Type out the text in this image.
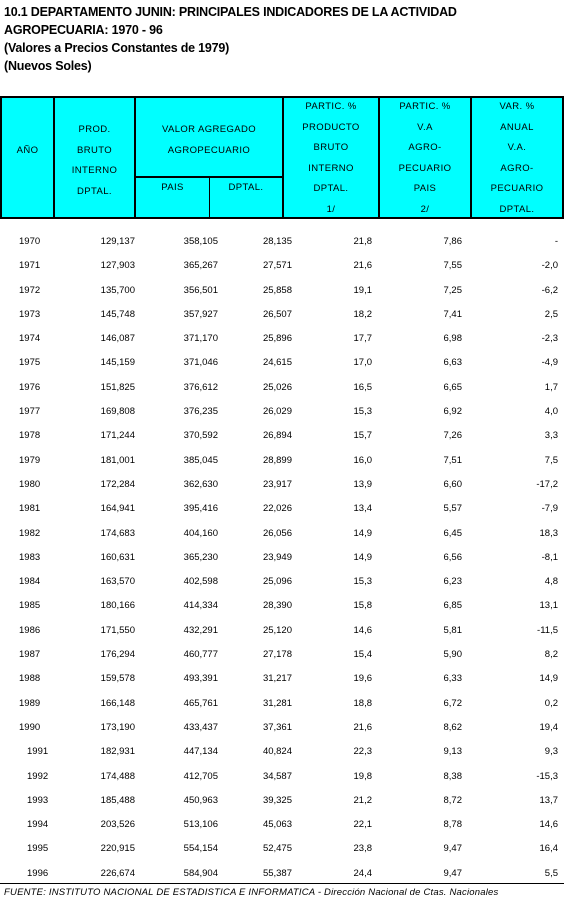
10.1 DEPARTAMENTO JUNIN: PRINCIPALES INDICADORES DE LA ACTIVIDAD
AGROPECUARIA: 1970 - 96
(Valores a Precios Constantes de 1979)
(Nuevos Soles)
AÑO
PROD.
BRUTO
INTERNO
DPTAL.
VALOR AGREGADO
AGROPECUARIO
PAIS	DPTAL.
PARTIC. %
PRODUCTO
BRUTO
INTERNO
DPTAL.
1/
PARTIC. %
V.A
AGRO-
PECUARIO
PAIS
2/
VAR. %
ANUAL
V.A.
AGRO-
PECUARIO
DPTAL.
1970	129,137	358,105	28,135	21,8	7,86	-
1971	127,903	365,267	27,571	21,6	7,55	-2,0
1972	135,700	356,501	25,858	19,1	7,25	-6,2
1973	145,748	357,927	26,507	18,2	7,41	2,5
1974	146,087	371,170	25,896	17,7	6,98	-2,3
1975	145,159	371,046	24,615	17,0	6,63	-4,9
1976	151,825	376,612	25,026	16,5	6,65	1,7
1977	169,808	376,235	26,029	15,3	6,92	4,0
1978	171,244	370,592	26,894	15,7	7,26	3,3
1979	181,001	385,045	28,899	16,0	7,51	7,5
1980	172,284	362,630	23,917	13,9	6,60	-17,2
1981	164,941	395,416	22,026	13,4	5,57	-7,9
1982	174,683	404,160	26,056	14,9	6,45	18,3
1983	160,631	365,230	23,949	14,9	6,56	-8,1
1984	163,570	402,598	25,096	15,3	6,23	4,8
1985	180,166	414,334	28,390	15,8	6,85	13,1
1986	171,550	432,291	25,120	14,6	5,81	-11,5
1987	176,294	460,777	27,178	15,4	5,90	8,2
1988	159,578	493,391	31,217	19,6	6,33	14,9
1989	166,148	465,761	31,281	18,8	6,72	0,2
1990	173,190	433,437	37,361	21,6	8,62	19,4
1991	182,931	447,134	40,824	22,3	9,13	9,3
1992	174,488	412,705	34,587	19,8	8,38	-15,3
1993	185,488	450,963	39,325	21,2	8,72	13,7
1994	203,526	513,106	45,063	22,1	8,78	14,6
1995	220,915	554,154	52,475	23,8	9,47	16,4
1996	226,674	584,904	55,387	24,4	9,47	5,5
FUENTE: INSTITUTO NACIONAL DE ESTADISTICA E INFORMATICA - Dirección Nacional de Ctas. Nacionales
